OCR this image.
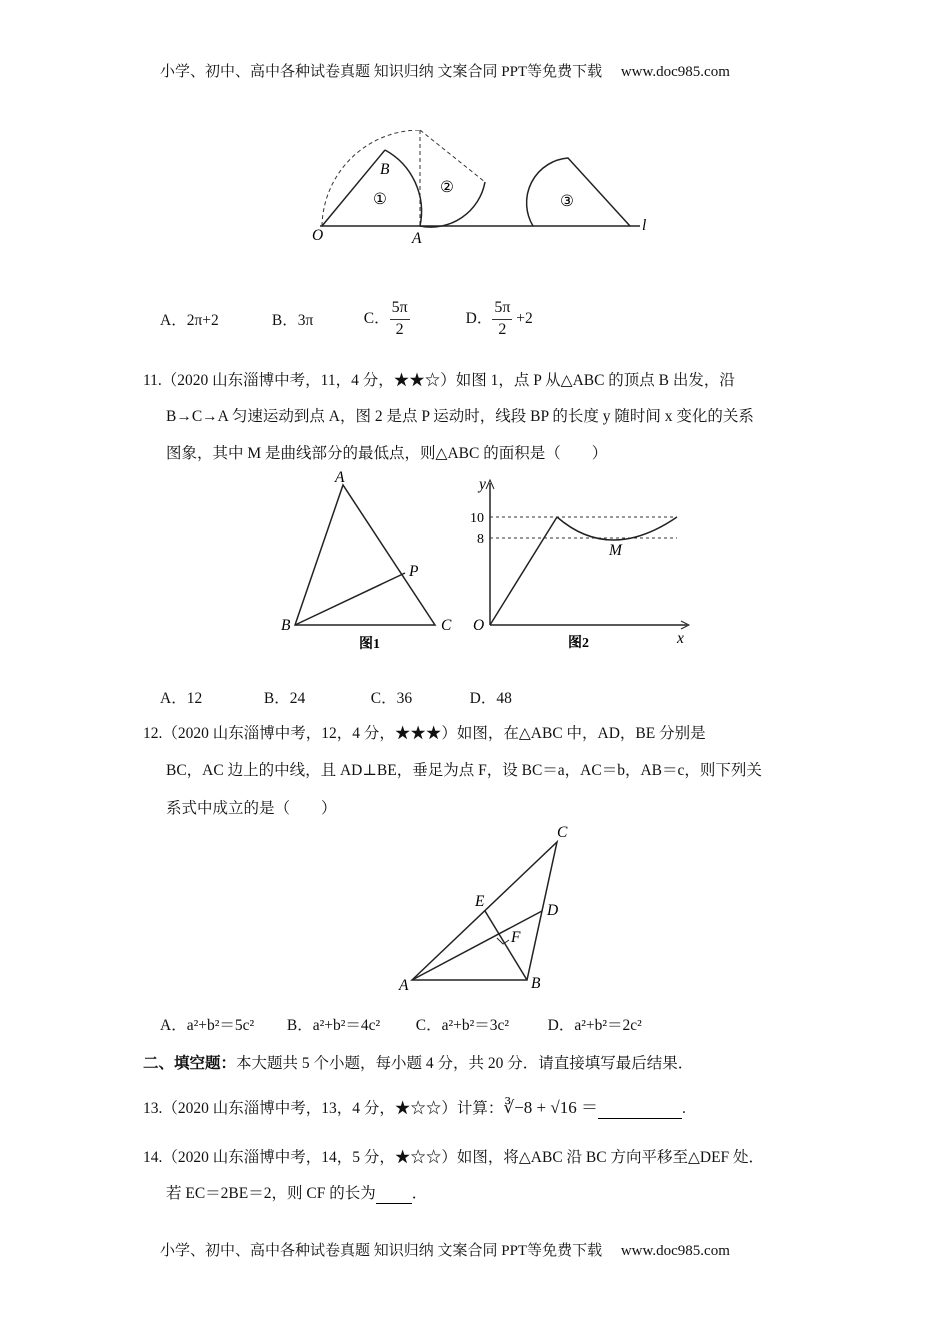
小学、初中、高中各种试卷真题 知识归纳 文案合同 PPT等免费下载　 www.doc985.com
O	A
B
l
①
②
③
A．2π+2	B．3π	C． $\frac{5\pi}{2}$	D． $\frac{5\pi}{2} +2$
11.（2020 山东淄博中考，11，4 分，★★☆）如图 1，点 P 从△ABC 的顶点 B 出发，沿
B→C→A 匀速运动到点 A，图 2 是点 P 运动时，线段 BP 的长度 y 随时间 x 变化的关系
图象，其中 M 是曲线部分的最低点，则△ABC 的面积是（　　）
B
A
C
P
图1
y
x
O
10
8
M
图2
A．12	B．24	C．36	D．48
12.（2020 山东淄博中考，12，4 分，★★★）如图，在△ABC 中，AD，BE 分别是
BC，AC 边上的中线，且 AD⊥BE，垂足为点 F，设 BC＝a，AC＝b，AB＝c，则下列关
系式中成立的是（　　）
A	B
C
D
E
F
A．a²+b²＝5c² B．a²+b²＝4c² C．a²+b²＝3c² D．a²+b²＝2c²
二、填空题：本大题共 5 个小题，每小题 4 分，共 20 分．请直接填写最后结果．
13.（2020 山东淄博中考，13，4 分，★☆☆）计算：∛−8 + √16 ＝	.
14.（2020 山东淄博中考，14，5 分，★☆☆）如图，将△ABC 沿 BC 方向平移至△DEF 处．
若 EC＝2BE＝2，则 CF 的长为 ．
小学、初中、高中各种试卷真题 知识归纳 文案合同 PPT等免费下载　 www.doc985.com
